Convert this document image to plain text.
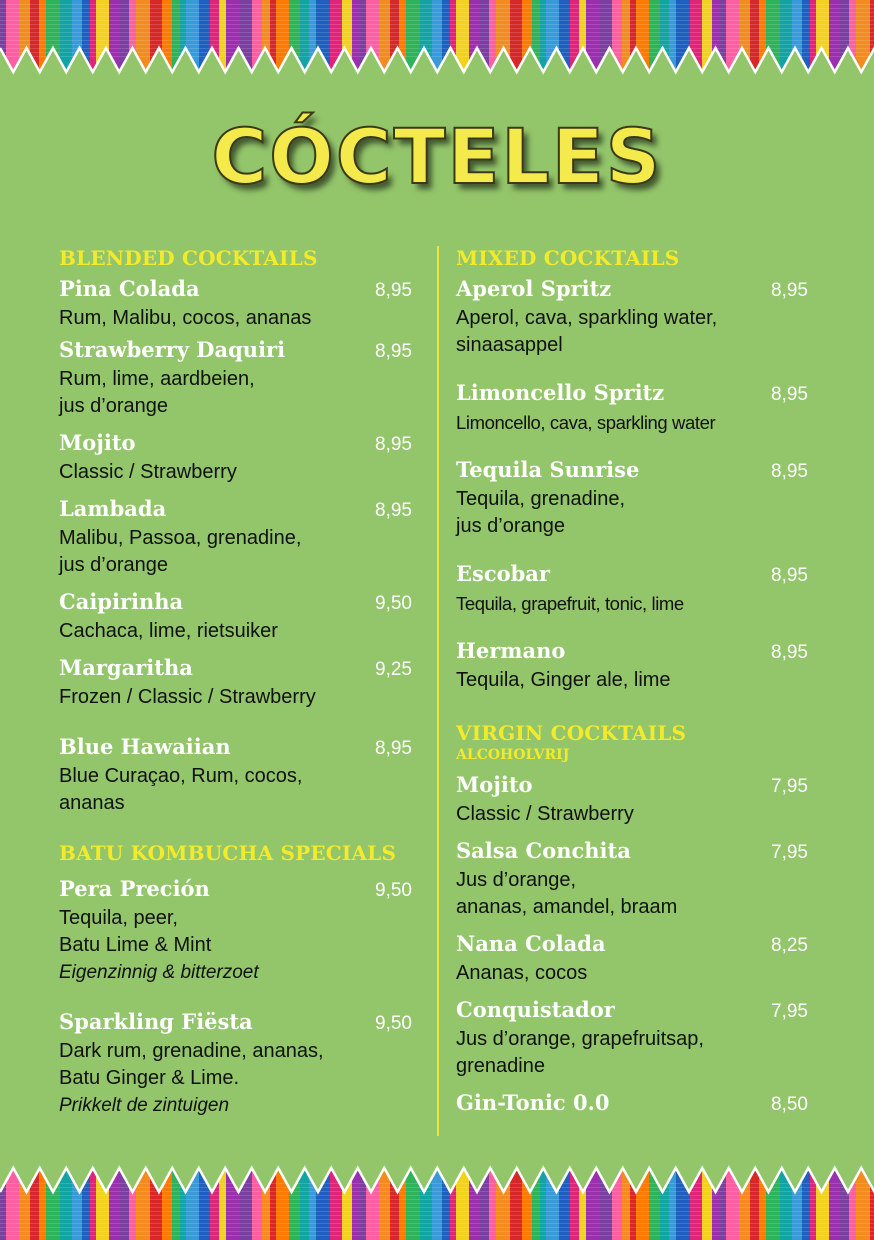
CÓCTELES
BLENDED COCKTAILS
Pina Colada	8,95
Rum, Malibu, cocos, ananas
Strawberry Daquiri	8,95
Rum, lime, aardbeien,
jus d’orange
Mojito	8,95
Classic / Strawberry
Lambada	8,95
Malibu, Passoa, grenadine,
jus d’orange
Caipirinha	9,50
Cachaca, lime, rietsuiker
Margaritha	9,25
Frozen / Classic / Strawberry
Blue Hawaiian	8,95
Blue Curaçao, Rum, cocos,
ananas
BATU KOMBUCHA SPECIALS
Pera Preción	9,50
Tequila, peer,
Batu Lime & Mint
Eigenzinnig & bitterzoet
Sparkling Fiësta	9,50
Dark rum, grenadine, ananas,
Batu Ginger & Lime.
Prikkelt de zintuigen
MIXED COCKTAILS
Aperol Spritz	8,95
Aperol, cava, sparkling water,
sinaasappel
Limoncello Spritz	8,95
Limoncello, cava, sparkling water
Tequila Sunrise	8,95
Tequila, grenadine,
jus d’orange
Escobar	8,95
Tequila, grapefruit, tonic, lime
Hermano	8,95
Tequila, Ginger ale, lime
VIRGIN COCKTAILS
ALCOHOLVRIJ
Mojito	7,95
Classic / Strawberry
Salsa Conchita	7,95
Jus d’orange,
ananas, amandel, braam
Nana Colada	8,25
Ananas, cocos
Conquistador	7,95
Jus d’orange, grapefruitsap,
grenadine
Gin-Tonic 0.0	8,50
